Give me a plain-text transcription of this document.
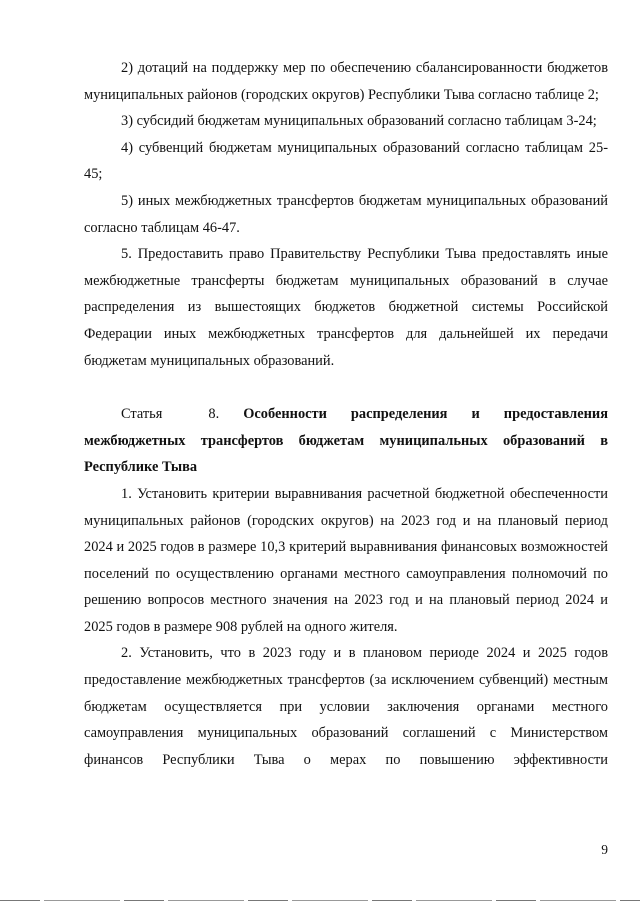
2) дотаций на поддержку мер по обеспечению сбалансированности бюджетов муниципальных районов (городских округов) Республики Тыва согласно таблице 2;

3) субсидий бюджетам муниципальных образований согласно таблицам 3-24;

4) субвенций бюджетам муниципальных образований согласно таблицам 25-45;

5) иных межбюджетных трансфертов бюджетам муниципальных образований согласно таблицам 46-47.

5. Предоставить право Правительству Республики Тыва предоставлять иные межбюджетные трансферты бюджетам муниципальных образований в случае распределения из вышестоящих бюджетов бюджетной системы Российской Федерации иных межбюджетных трансфертов для дальнейшей их передачи бюджетам муниципальных образований.

Статья 8. Особенности распределения и предоставления межбюджетных трансфертов бюджетам муниципальных образований в Республике Тыва

1. Установить критерии выравнивания расчетной бюджетной обеспеченности муниципальных районов (городских округов) на 2023 год и на плановый период 2024 и 2025 годов в размере 10,3 критерий выравнивания финансовых возможностей поселений по осуществлению органами местного самоуправления полномочий по решению вопросов местного значения на 2023 год и на плановый период 2024 и 2025 годов в размере 908 рублей на одного жителя.

2. Установить, что в 2023 году и в плановом периоде 2024 и 2025 годов предоставление межбюджетных трансфертов (за исключением субвенций) местным бюджетам осуществляется при условии заключения органами местного самоуправления муниципальных образований соглашений с Министерством финансов Республики Тыва о мерах по повышению эффективности

9
